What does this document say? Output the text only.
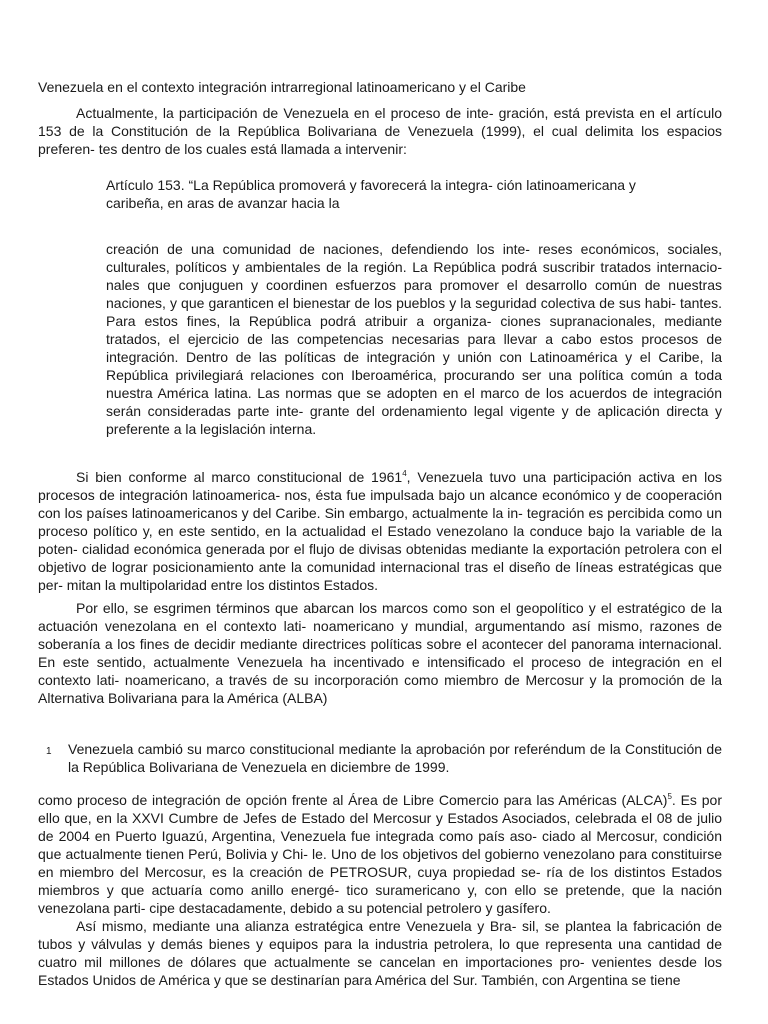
Venezuela en el contexto integración intrarregional latinoamericano y el Caribe

Actualmente, la participación de Venezuela en el proceso de inte- gración, está prevista en el artículo 153 de la Constitución de la República Bolivariana de Venezuela (1999), el cual delimita los espacios preferen- tes dentro de los cuales está llamada a intervenir:

Artículo 153. “La República promoverá y favorecerá la integra- ción latinoamericana y caribeña, en aras de avanzar hacia la

creación de una comunidad de naciones, defendiendo los inte- reses económicos, sociales, culturales, políticos y ambientales de la región. La República podrá suscribir tratados internacio- nales que conjuguen y coordinen esfuerzos para promover el desarrollo común de nuestras naciones, y que garanticen el bienestar de los pueblos y la seguridad colectiva de sus habi- tantes. Para estos fines, la República podrá atribuir a organiza- ciones supranacionales, mediante tratados, el ejercicio de las competencias necesarias para llevar a cabo estos procesos de integración. Dentro de las políticas de integración y unión con Latinoamérica y el Caribe, la República privilegiará relaciones con Iberoamérica, procurando ser una política común a toda nuestra América latina. Las normas que se adopten en el marco de los acuerdos de integración serán consideradas parte inte- grante del ordenamiento legal vigente y de aplicación directa y preferente a la legislación interna.

Si bien conforme al marco constitucional de 1961$^4$, Venezuela tuvo una participación activa en los procesos de integración latinoamerica- nos, ésta fue impulsada bajo un alcance económico y de cooperación con los países latinoamericanos y del Caribe. Sin embargo, actualmente la in- tegración es percibida como un proceso político y, en este sentido, en la actualidad el Estado venezolano la conduce bajo la variable de la poten- cialidad económica generada por el flujo de divisas obtenidas mediante la exportación petrolera con el objetivo de lograr posicionamiento ante la comunidad internacional tras el diseño de líneas estratégicas que per- mitan la multipolaridad entre los distintos Estados.

Por ello, se esgrimen términos que abarcan los marcos como son el geopolítico y el estratégico de la actuación venezolana en el contexto lati- noamericano y mundial, argumentando así mismo, razones de soberanía a los fines de decidir mediante directrices políticas sobre el acontecer del panorama internacional. En este sentido, actualmente Venezuela ha incentivado e intensificado el proceso de integración en el contexto lati- noamericano, a través de su incorporación como miembro de Mercosur y la promoción de la Alternativa Bolivariana para la América (ALBA)

1 Venezuela cambió su marco constitucional mediante la aprobación por referéndum de la Constitución de la República Bolivariana de Venezuela en diciembre de 1999.

como proceso de integración de opción frente al Área de Libre Comercio para las Américas (ALCA)$^5$. Es por ello que, en la XXVI Cumbre de Jefes de Estado del Mercosur y Estados Asociados, celebrada el 08 de julio de 2004 en Puerto Iguazú, Argentina, Venezuela fue integrada como país aso- ciado al Mercosur, condición que actualmente tienen Perú, Bolivia y Chi- le. Uno de los objetivos del gobierno venezolano para constituirse en miembro del Mercosur, es la creación de PETROSUR, cuya propiedad se- ría de los distintos Estados miembros y que actuaría como anillo energé- tico suramericano y, con ello se pretende, que la nación venezolana parti- cipe destacadamente, debido a su potencial petrolero y gasífero.

Así mismo, mediante una alianza estratégica entre Venezuela y Bra- sil, se plantea la fabricación de tubos y válvulas y demás bienes y equipos para la industria petrolera, lo que representa una cantidad de cuatro mil millones de dólares que actualmente se cancelan en importaciones pro- venientes desde los Estados Unidos de América y que se destinarían para América del Sur. También, con Argentina se tiene
